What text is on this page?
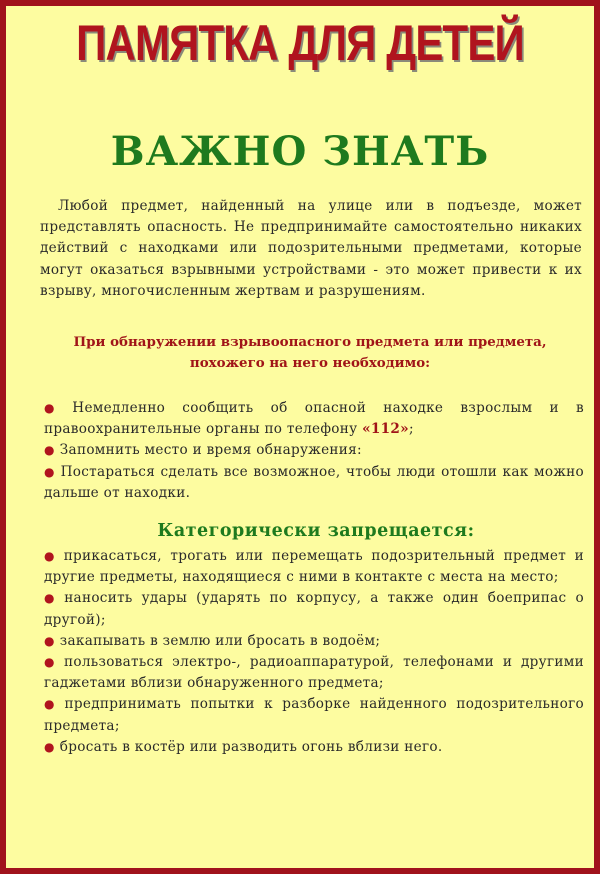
ПАМЯТКА ДЛЯ ДЕТЕЙ
ВАЖНО ЗНАТЬ

Любой предмет, найденный на улице или в подъезде, может представлять опасность. Не предпринимайте самостоятельно никаких действий с находками или подозрительными предметами, которые могут оказаться взрывными устройствами - это может привести к их взрыву, многочисленным жертвам и разрушениям.

При обнаружении взрывоопасного предмета или предмета,
похожего на него необходимо:

● Немедленно сообщить об опасной находке взрослым и в правоохранительные органы по телефону «112»;
● Запомнить место и время обнаружения:
● Постараться сделать все возможное, чтобы люди отошли как можно дальше от находки.
Категорически запрещается:
● прикасаться, трогать или перемещать подозрительный предмет и другие предметы, находящиеся с ними в контакте с места на место;
● наносить удары (ударять по корпусу, а также один боеприпас о другой);
● закапывать в землю или бросать в водоём;
● пользоваться электро-, радиоаппаратурой, телефонами и другими гаджетами вблизи обнаруженного предмета;
● предпринимать попытки к разборке найденного подозрительного предмета;
● бросать в костёр или разводить огонь вблизи него.
